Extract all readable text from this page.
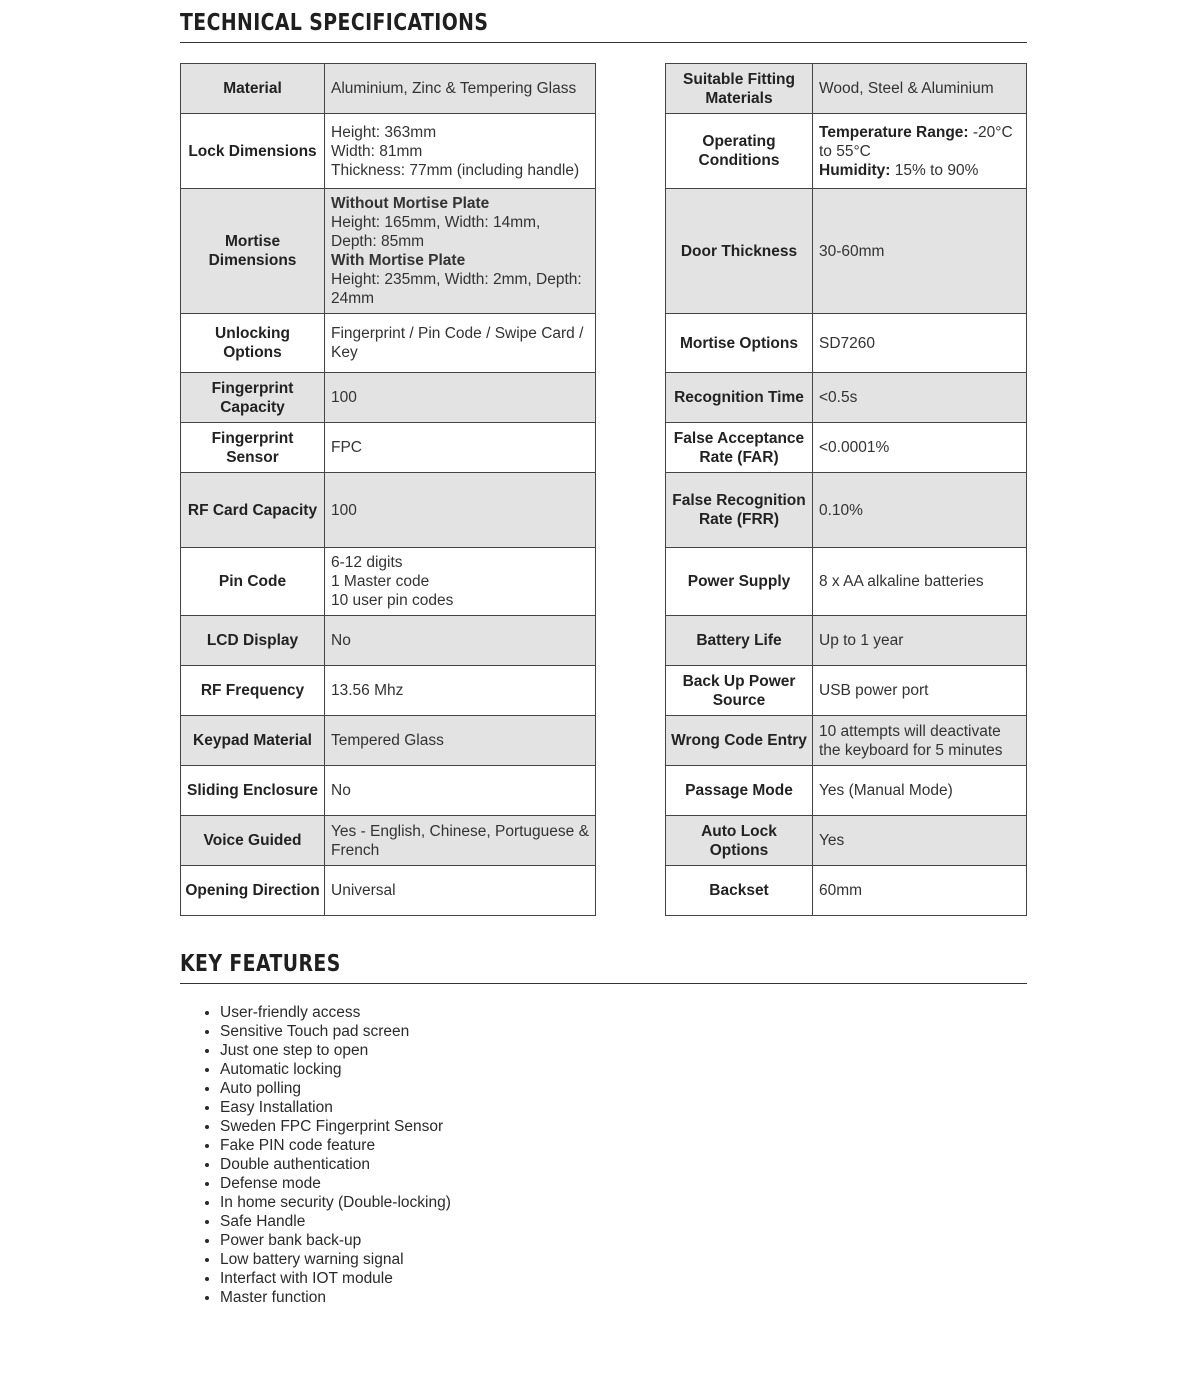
TECHNICAL SPECIFICATIONS
Material	Aluminium, Zinc & Tempering Glass

Lock Dimensions	Height: 363mm
Width: 81mm
Thickness: 77mm (including handle)

Mortise Dimensions	Without Mortise Plate
Height: 165mm, Width: 14mm, Depth: 85mm
With Mortise Plate
Height: 235mm, Width: 2mm, Depth: 24mm

Unlocking Options	Fingerprint / Pin Code / Swipe Card / Key

Fingerprint Capacity	100

Fingerprint Sensor	FPC

RF Card Capacity	100

Pin Code	6-12 digits
1 Master code
10 user pin codes

LCD Display	No

RF Frequency	13.56 Mhz

Keypad Material	Tempered Glass

Sliding Enclosure	No

Voice Guided	Yes - English, Chinese, Portuguese & French

Opening Direction	Universal
Suitable Fitting Materials	Wood, Steel & Aluminium

Operating Conditions	Temperature Range: -20°C to 55°C
Humidity: 15% to 90%

Door Thickness	30-60mm

Mortise Options	SD7260

Recognition Time	<0.5s

False Acceptance Rate (FAR)	<0.0001%

False Recognition Rate (FRR)	0.10%

Power Supply	8 x AA alkaline batteries

Battery Life	Up to 1 year

Back Up Power Source	USB power port

Wrong Code Entry	10 attempts will deactivate the keyboard for 5 minutes

Passage Mode	Yes (Manual Mode)

Auto Lock Options	Yes

Backset	60mm
KEY FEATURES
• User-friendly access
• Sensitive Touch pad screen
• Just one step to open
• Automatic locking
• Auto polling
• Easy Installation
• Sweden FPC Fingerprint Sensor
• Fake PIN code feature
• Double authentication
• Defense mode
• In home security (Double-locking)
• Safe Handle
• Power bank back-up
• Low battery warning signal
• Interfact with IOT module
• Master function
